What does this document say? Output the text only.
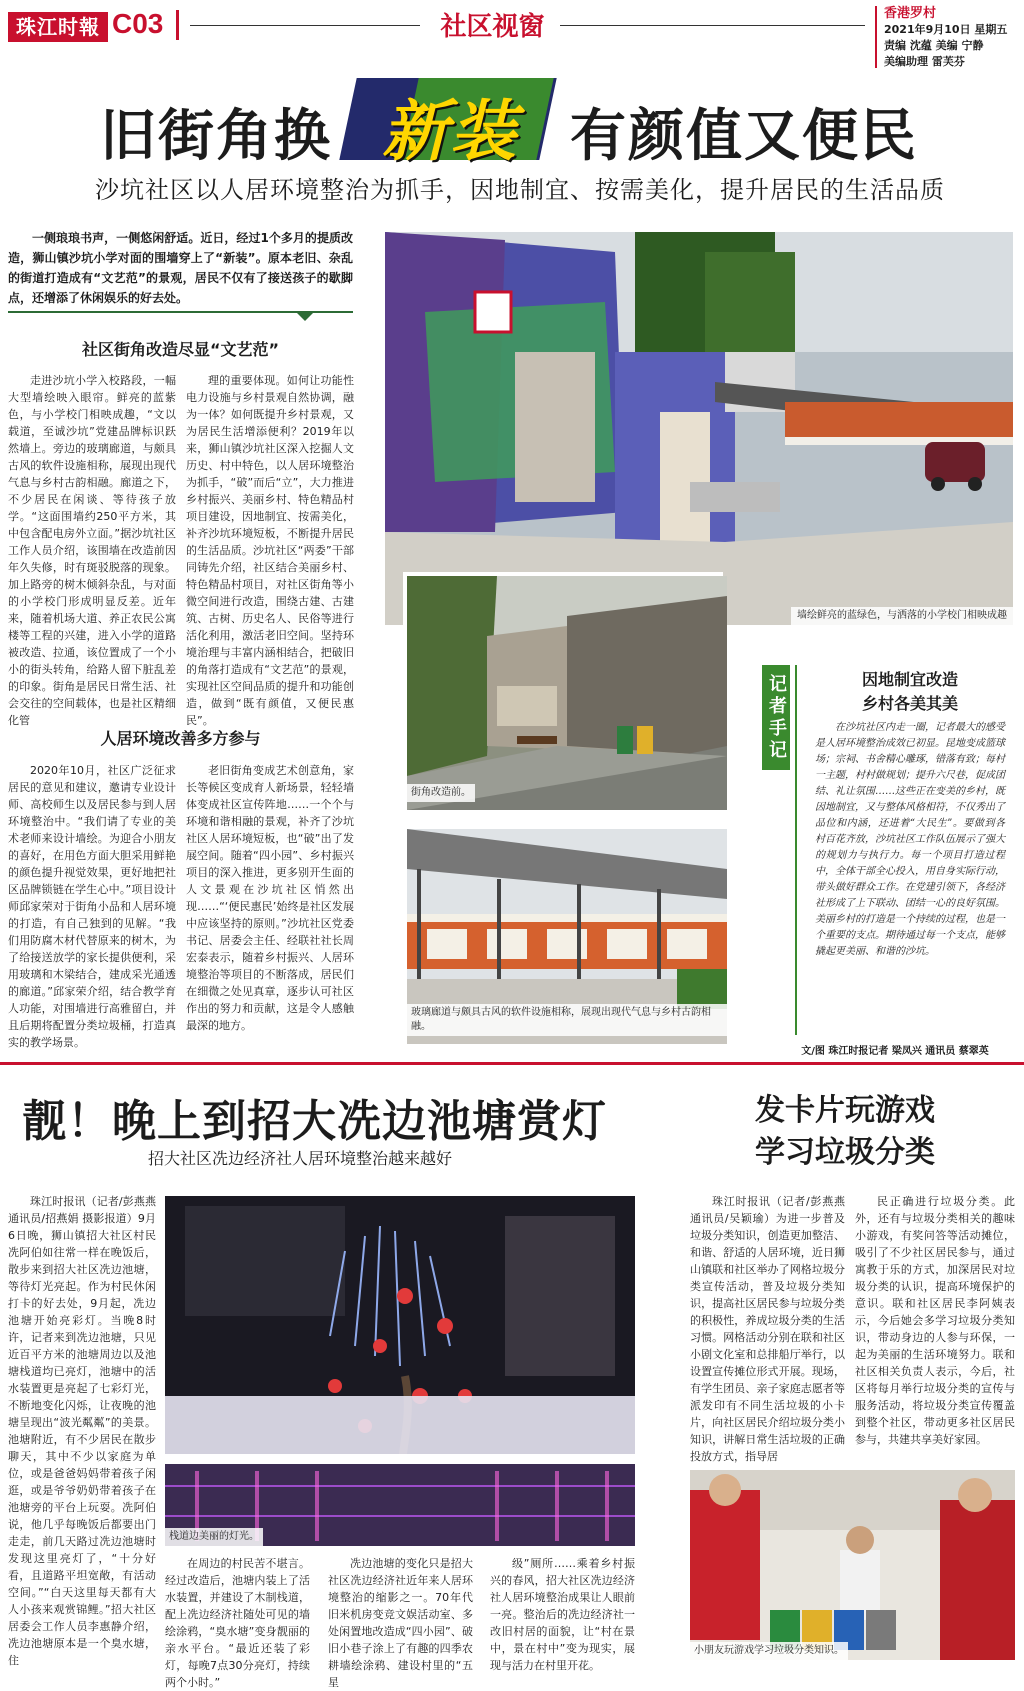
珠江时報 C03	社区视窗	香港罗村
2021年9月10日 星期五
责编 沈蕴 美编 宁静
美编助理 雷芙芬
旧街角换 新装 有颜值又便民
沙坑社区以人居环境整治为抓手，因地制宜、按需美化，提升居民的生活品质
一侧琅琅书声，一侧悠闲舒适。近日，经过1个多月的提质改造，狮山镇沙坑小学对面的围墙穿上了“新装”。原本老旧、杂乱的街道打造成有“文艺范”的景观，居民不仅有了接送孩子的歇脚点，还增添了休闲娱乐的好去处。
社区街角改造尽显“文艺范”
走进沙坑小学入校路段，一幅大型墙绘映入眼帘。鲜亮的蓝紫色，与小学校门相映成趣，“文以载道，至诚沙坑”党建品牌标识跃然墙上。旁边的玻璃廊道，与颇具古风的软件设施相称，展现出现代气息与乡村古韵相融。廊道之下，不少居民在闲谈、等待孩子放学。“这面围墙约250平方米，其中包含配电房外立面。”据沙坑社区工作人员介绍，该围墙在改造前因年久失修，时有斑驳脱落的现象。加上路旁的树木倾斜杂乱，与对面的小学校门形成明显反差。近年来，随着机场大道、养正农民公寓楼等工程的兴建，进入小学的道路被改造、拉通，该位置成了一个小小的街头转角，给路人留下脏乱差的印象。街角是居民日常生活、社会交往的空间载体，也是社区精细化管
理的重要体现。如何让功能性电力设施与乡村景观自然协调，融为一体？如何既提升乡村景观，又为居民生活增添便利？2019年以来，狮山镇沙坑社区深入挖掘人文历史、村中特色，以人居环境整治为抓手，“破”而后“立”，大力推进乡村振兴、美丽乡村、特色精品村项目建设，因地制宜、按需美化，补齐沙坑环境短板，不断提升居民的生活品质。沙坑社区“两委”干部同铸先介绍，社区结合美丽乡村、特色精品村项目，对社区街角等小微空间进行改造，围绕古建、古建筑、古树、历史名人、民俗等进行活化利用，激活老旧空间。坚持环境治理与丰富内涵相结合，把破旧的角落打造成有“文艺范”的景观，实现社区空间品质的提升和功能创造，做到“既有颜值，又便民惠民”。
人居环境改善多方参与
2020年10月，社区广泛征求居民的意见和建议，邀请专业设计师、高校师生以及居民参与到人居环境整治中。“我们请了专业的美术老师来设计墙绘。为迎合小朋友的喜好，在用色方面大胆采用鲜艳的颜色提升视觉效果，更好地把社区品牌锁链在学生心中。”项目设计师邱家荣对于街角小品和人居环境的打造，有自己独到的见解。“我们用防腐木材代替原来的树木，为了给接送放学的家长提供便利，采用玻璃和木梁结合，建成采光通透的廊道。”邱家荣介绍，结合教学育人功能，对围墙进行高雅留白，并且后期将配置分类垃圾桶，打造真实的教学场景。
老旧街角变成艺术创意角，家长等候区变成育人新场景，轻轻墙体变成社区宣传阵地……一个个与环境和谐相融的景观，补齐了沙坑社区人居环境短板，也“破”出了发展空间。随着“四小园”、乡村振兴项目的深入推进，更多别开生面的人文景观在沙坑社区悄然出现……“‘便民惠民’始终是社区发展中应该坚持的原则。”沙坑社区党委书记、居委会主任、经联社社长周宏泰表示，随着乡村振兴、人居环境整治等项目的不断落成，居民们在细微之处见真章，逐步认可社区作出的努力和贡献，这是令人感触最深的地方。
墙绘鲜亮的蓝绿色，与洒落的小学校门相映成趣
街角改造前。
玻璃廊道与颇具古风的软件设施相称，展现出现代气息与乡村古韵相融。
记者手记	因地制宜改造
乡村各美其美
在沙坑社区内走一圈，记者最大的感受是人居环境整治成效已初显。昆地变成篮球场；宗祠、书舍精心雕琢，错落有致；每村一主题，村村做规划；提升六尺巷，促成团结、礼让氛围……这些正在变美的乡村，既因地制宜，又与整体风格相符，不仅秀出了品位和内涵，还进着“大民生”。要做到各村百花齐放，沙坑社区工作队伍展示了强大的规划力与执行力。每一个项目打造过程中，全体干部全心投入，用自身实际行动，带头做好群众工作。在党建引领下，各经济社形成了上下联动、团结一心的良好氛围。美丽乡村的打造是一个持续的过程，也是一个重要的支点。期待通过每一个支点，能够撬起更美丽、和谐的沙坑。
文/图 珠江时报记者 梁凤兴 通讯员 蔡翠英
靓！晚上到招大冼边池塘赏灯
招大社区冼边经济社人居环境整治越来越好
珠江时报讯（记者/彭燕燕 通讯员/招燕娟 摄影报道）9月6日晚，狮山镇招大社区村民冼阿伯如往常一样在晚饭后，散步来到招大社区冼边池塘，等待灯光亮起。作为村民休闲打卡的好去处，9月起，冼边池塘开始亮彩灯。当晚8时许，记者来到冼边池塘，只见近百平方米的池塘周边以及池塘栈道均已亮灯，池塘中的活水装置更是亮起了七彩灯光，不断地变化闪烁，让夜晚的池塘呈现出“波光粼粼”的美景。池塘附近，有不少居民在散步聊天，其中不少以家庭为单位，或是爸爸妈妈带着孩子闲逛，或是爷爷奶奶带着孩子在池塘旁的平台上玩耍。冼阿伯说，他几乎每晚饭后都要出门走走，前几天路过冼边池塘时发现这里亮灯了，“十分好看，且道路平坦宽敞，有活动空间。”“白天这里每天都有大人小孩来观赏锦鲤。”招大社区居委会工作人员李惠静介绍，冼边池塘原本是一个臭水塘，住
栈道边美丽的灯光。
在周边的村民苦不堪言。经过改造后，池塘内装上了活水装置，并建设了木制栈道，配上冼边经济社随处可见的墙绘涂鸦，“臭水塘”变身靓丽的亲水平台。“最近还装了彩灯，每晚7点30分亮灯，持续两个小时。”
冼边池塘的变化只是招大社区冼边经济社近年来人居环境整治的缩影之一。70年代旧米机房变竞文娱活动室、多处闲置地改造成“四小园”、破旧小巷子涂上了有趣的四季农耕墙绘涂鸦、建设村里的“五星
级”厕所……乘着乡村振兴的春风，招大社区冼边经济社人居环境整治成果让人眼前一亮。整治后的冼边经济社一改旧村居的面貌，让“村在景中，景在村中”变为现实，展现与活力在村里开花。
发卡片玩游戏
学习垃圾分类
珠江时报讯（记者/彭燕燕 通讯员/吴颖瑜）为进一步普及垃圾分类知识，创造更加整洁、和谐、舒适的人居环境，近日狮山镇联和社区举办了网格垃圾分类宣传活动，普及垃圾分类知识，提高社区居民参与垃圾分类的积极性，养成垃圾分类的生活习惯。网格活动分别在联和社区小剧文化室和总排船厅举行，以设置宣传摊位形式开展。现场，有学生团员、亲子家庭志愿者等派发印有不同生活垃圾的小卡片，向社区居民介绍垃圾分类小知识，讲解日常生活垃圾的正确投放方式，指导居
民正确进行垃圾分类。此外，还有与垃圾分类相关的趣味小游戏，有奖问答等活动摊位，吸引了不少社区居民参与，通过寓教于乐的方式，加深居民对垃圾分类的认识，提高环境保护的意识。联和社区居民李阿姨表示，今后她会多学习垃圾分类知识，带动身边的人参与环保，一起为美丽的生活环境努力。联和社区相关负责人表示，今后，社区将每月举行垃圾分类的宣传与服务活动，将垃圾分类宣传覆盖到整个社区，带动更多社区居民参与，共建共享美好家园。
小朋友玩游戏学习垃圾分类知识。
